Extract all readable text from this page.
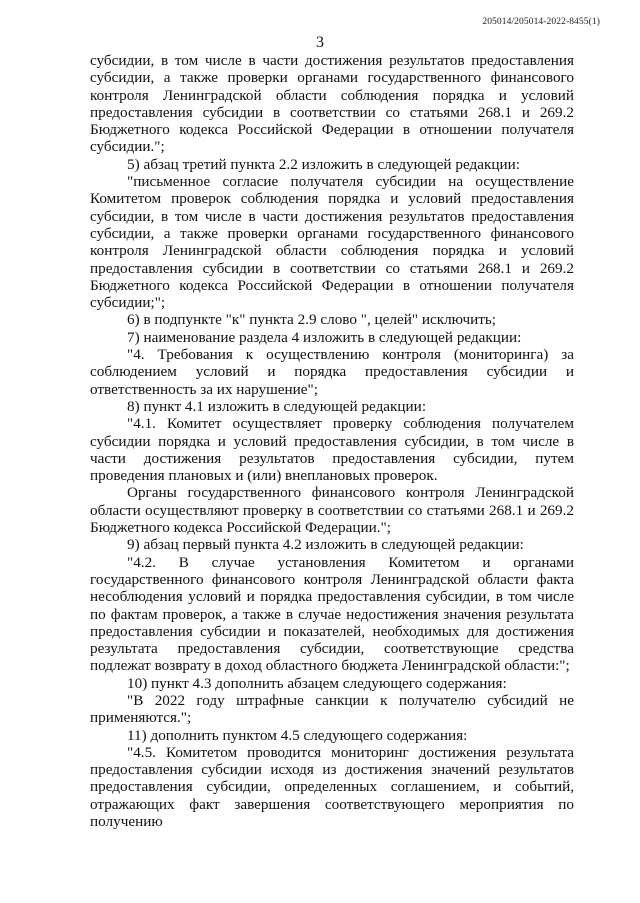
205014/205014-2022-8455(1)
3

субсидии, в том числе в части достижения результатов предоставления субсидии, а также проверки органами государственного финансового контроля Ленинградской области соблюдения порядка и условий предоставления субсидии в соответствии со статьями 268.1 и 269.2 Бюджетного кодекса Российской Федерации в отношении получателя субсидии.";

5) абзац третий пункта 2.2 изложить в следующей редакции:

"письменное согласие получателя субсидии на осуществление Комитетом проверок соблюдения порядка и условий предоставления субсидии, в том числе в части достижения результатов предоставления субсидии, а также проверки органами государственного финансового контроля Ленинградской области соблюдения порядка и условий предоставления субсидии в соответствии со статьями 268.1 и 269.2 Бюджетного кодекса Российской Федерации в отношении получателя субсидии;";

6) в подпункте "к" пункта 2.9 слово ", целей" исключить;

7) наименование раздела 4 изложить в следующей редакции:

"4. Требования к осуществлению контроля (мониторинга) за соблюдением условий и порядка предоставления субсидии и ответственность за их нарушение";

8) пункт 4.1 изложить в следующей редакции:

"4.1. Комитет осуществляет проверку соблюдения получателем субсидии порядка и условий предоставления субсидии, в том числе в части достижения результатов предоставления субсидии, путем проведения плановых и (или) внеплановых проверок.

Органы государственного финансового контроля Ленинградской области осуществляют проверку в соответствии со статьями 268.1 и 269.2 Бюджетного кодекса Российской Федерации.";

9) абзац первый пункта 4.2 изложить в следующей редакции:

"4.2. В случае установления Комитетом и органами государственного финансового контроля Ленинградской области факта несоблюдения условий и порядка предоставления субсидии, в том числе по фактам проверок, а также в случае недостижения значения результата предоставления субсидии и показателей, необходимых для достижения результата предоставления субсидии, соответствующие средства подлежат возврату в доход областного бюджета Ленинградской области:";

10) пункт 4.3 дополнить абзацем следующего содержания:

"В 2022 году штрафные санкции к получателю субсидий не применяются.";

11) дополнить пунктом 4.5 следующего содержания:

"4.5. Комитетом проводится мониторинг достижения результата предоставления субсидии исходя из достижения значений результатов предоставления субсидии, определенных соглашением, и событий, отражающих факт завершения соответствующего мероприятия по получению
